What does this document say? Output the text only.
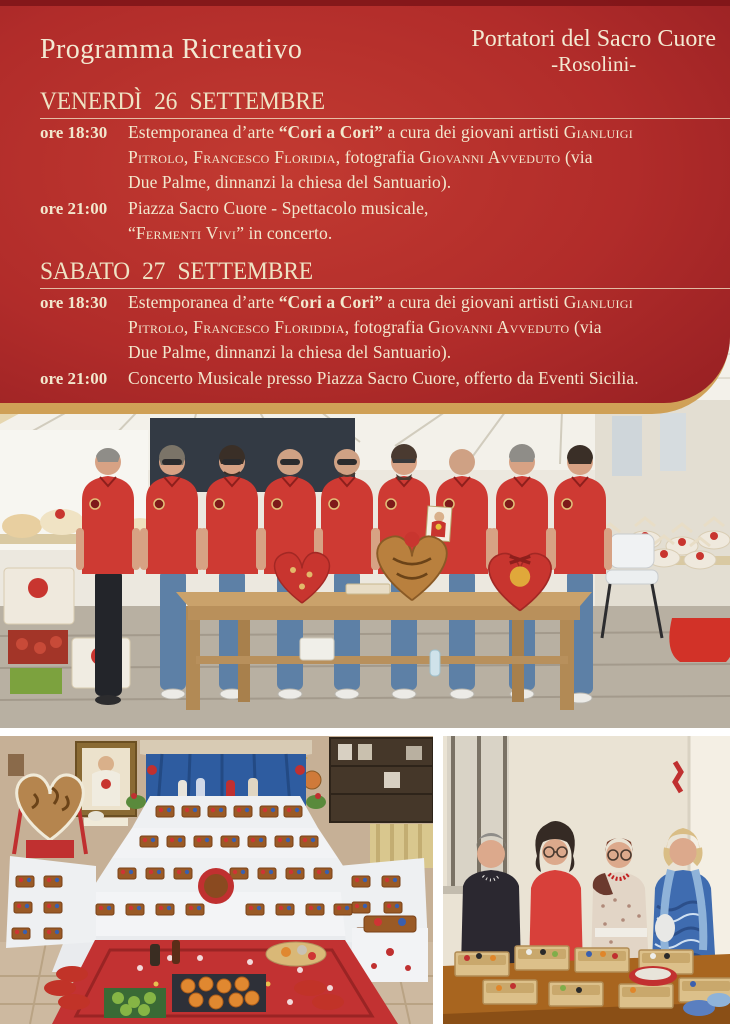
Programma Ricreativo	Portatori del Sacro Cuore
-Rosolini-
VENERDÌ 26 SETTEMBRE
ore 18:30	Estemporanea d’arte “Cori a Cori” a cura dei giovani artisti Gianluigi
Pitrolo, Francesco Floridia, fotografia Giovanni Avveduto (via
Due Palme, dinnanzi la chiesa del Santuario).
ore 21:00	Piazza Sacro Cuore - Spettacolo musicale,
“Fermenti Vivi” in concerto.
SABATO 27 SETTEMBRE
ore 18:30	Estemporanea d’arte “Cori a Cori” a cura dei giovani artisti Gianluigi
Pitrolo, Francesco Floriddia, fotografia Giovanni Avveduto (via
Due Palme, dinnanzi la chiesa del Santuario).
ore 21:00	Concerto Musicale presso Piazza Sacro Cuore, offerto da Eventi Sicilia.
